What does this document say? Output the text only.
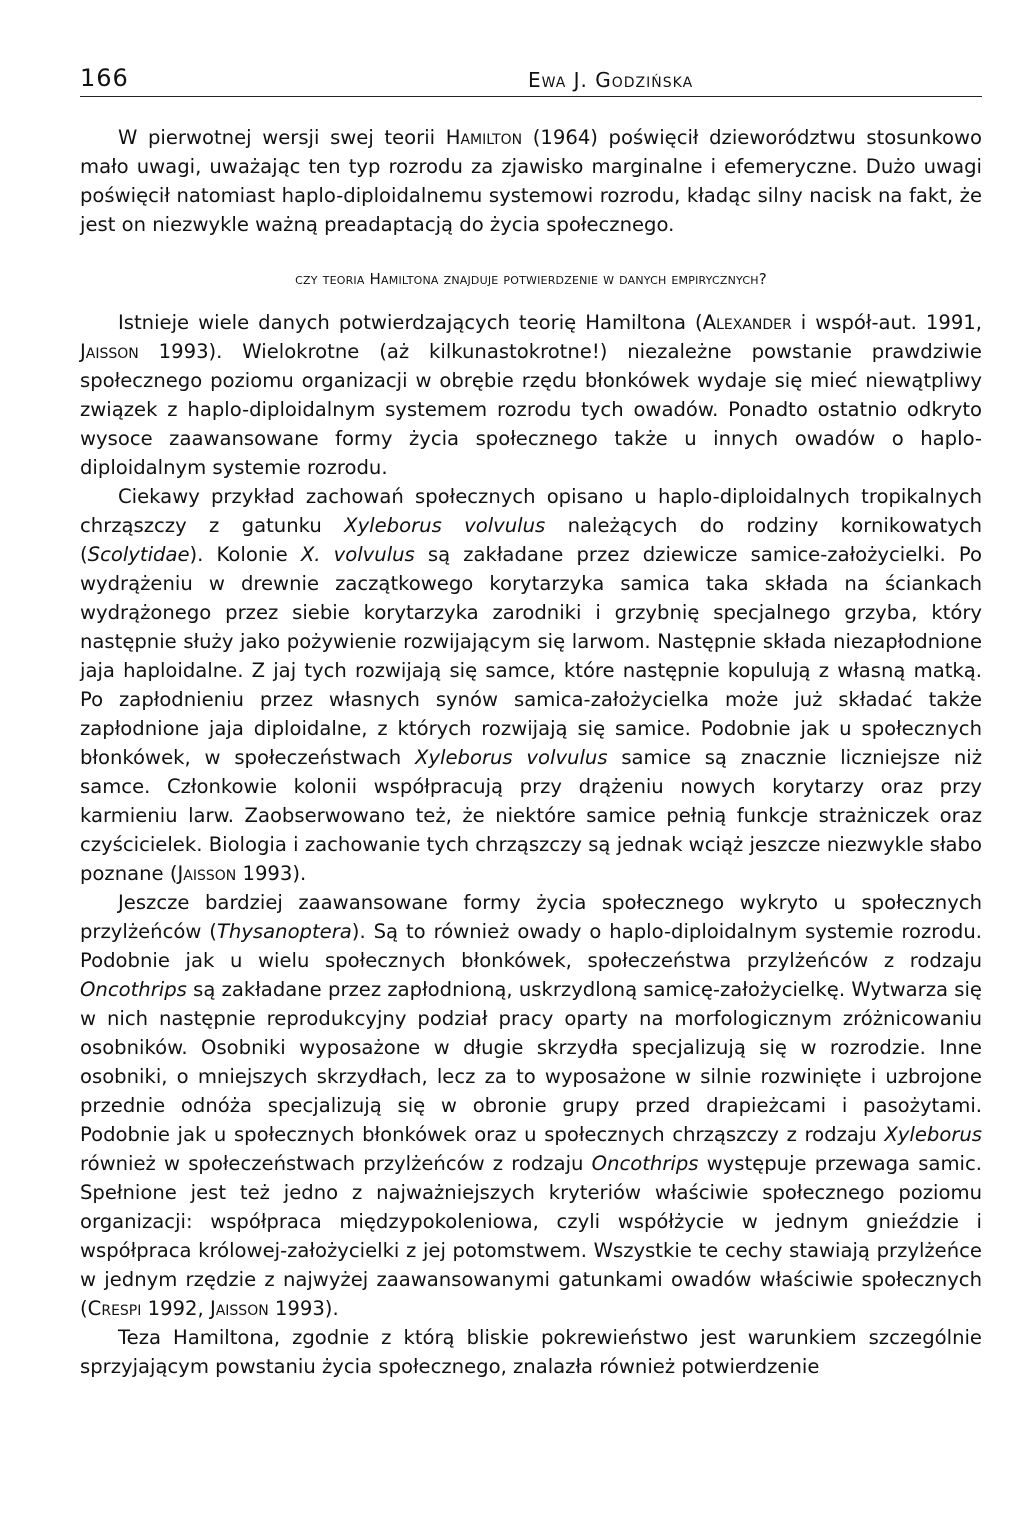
166	Ewa J. Godzińska

W pierwotnej wersji swej teorii Hamilton (1964) poświęcił dzieworództwu stosunkowo mało uwagi, uważając ten typ rozrodu za zjawisko marginalne i efemeryczne. Dużo uwagi poświęcił natomiast haplo-diploidalnemu systemowi rozrodu, kładąc silny nacisk na fakt, że jest on niezwykle ważną preadaptacją do życia społecznego.

czy teoria Hamiltona znajduje potwierdzenie w danych empirycznych?

Istnieje wiele danych potwierdzających teorię Hamiltona (Alexander i współ-aut. 1991, Jaisson 1993). Wielokrotne (aż kilkunastokrotne!) niezależne powstanie prawdziwie społecznego poziomu organizacji w obrębie rzędu błonkówek wydaje się mieć niewątpliwy związek z haplo-diploidalnym systemem rozrodu tych owadów. Ponadto ostatnio odkryto wysoce zaawansowane formy życia społecznego także u innych owadów o haplo-diploidalnym systemie rozrodu.

Ciekawy przykład zachowań społecznych opisano u haplo-diploidalnych tropikalnych chrząszczy z gatunku Xyleborus volvulus należących do rodziny kornikowatych (Scolytidae). Kolonie X. volvulus są zakładane przez dziewicze samice-założycielki. Po wydrążeniu w drewnie zaczątkowego korytarzyka samica taka składa na ściankach wydrążonego przez siebie korytarzyka zarodniki i grzybnię specjalnego grzyba, który następnie służy jako pożywienie rozwijającym się larwom. Następnie składa niezapłodnione jaja haploidalne. Z jaj tych rozwijają się samce, które następnie kopulują z własną matką. Po zapłodnieniu przez własnych synów samica-założycielka może już składać także zapłodnione jaja diploidalne, z których rozwijają się samice. Podobnie jak u społecznych błonkówek, w społeczeństwach Xyleborus volvulus samice są znacznie liczniejsze niż samce. Członkowie kolonii współpracują przy drążeniu nowych korytarzy oraz przy karmieniu larw. Zaobserwowano też, że niektóre samice pełnią funkcje strażniczek oraz czyścicielek. Biologia i zachowanie tych chrząszczy są jednak wciąż jeszcze niezwykle słabo poznane (Jaisson 1993).

Jeszcze bardziej zaawansowane formy życia społecznego wykryto u społecznych przylżeńców (Thysanoptera). Są to również owady o haplo-diploidalnym systemie rozrodu. Podobnie jak u wielu społecznych błonkówek, społeczeństwa przylżeńców z rodzaju Oncothrips są zakładane przez zapłodnioną, uskrzydloną samicę-założycielkę. Wytwarza się w nich następnie reprodukcyjny podział pracy oparty na morfologicznym zróżnicowaniu osobników. Osobniki wyposażone w długie skrzydła specjalizują się w rozrodzie. Inne osobniki, o mniejszych skrzydłach, lecz za to wyposażone w silnie rozwinięte i uzbrojone przednie odnóża specjalizują się w obronie grupy przed drapieżcami i pasożytami. Podobnie jak u społecznych błonkówek oraz u społecznych chrząszczy z rodzaju Xyleborus również w społeczeństwach przylżeńców z rodzaju Oncothrips występuje przewaga samic. Spełnione jest też jedno z najważniejszych kryteriów właściwie społecznego poziomu organizacji: współpraca międzypokoleniowa, czyli współżycie w jednym gnieździe i współpraca królowej-założycielki z jej potomstwem. Wszystkie te cechy stawiają przylżeńce w jednym rzędzie z najwyżej zaawansowanymi gatunkami owadów właściwie społecznych (Crespi 1992, Jaisson 1993).

Teza Hamiltona, zgodnie z którą bliskie pokrewieństwo jest warunkiem szczególnie sprzyjającym powstaniu życia społecznego, znalazła również potwierdzenie
